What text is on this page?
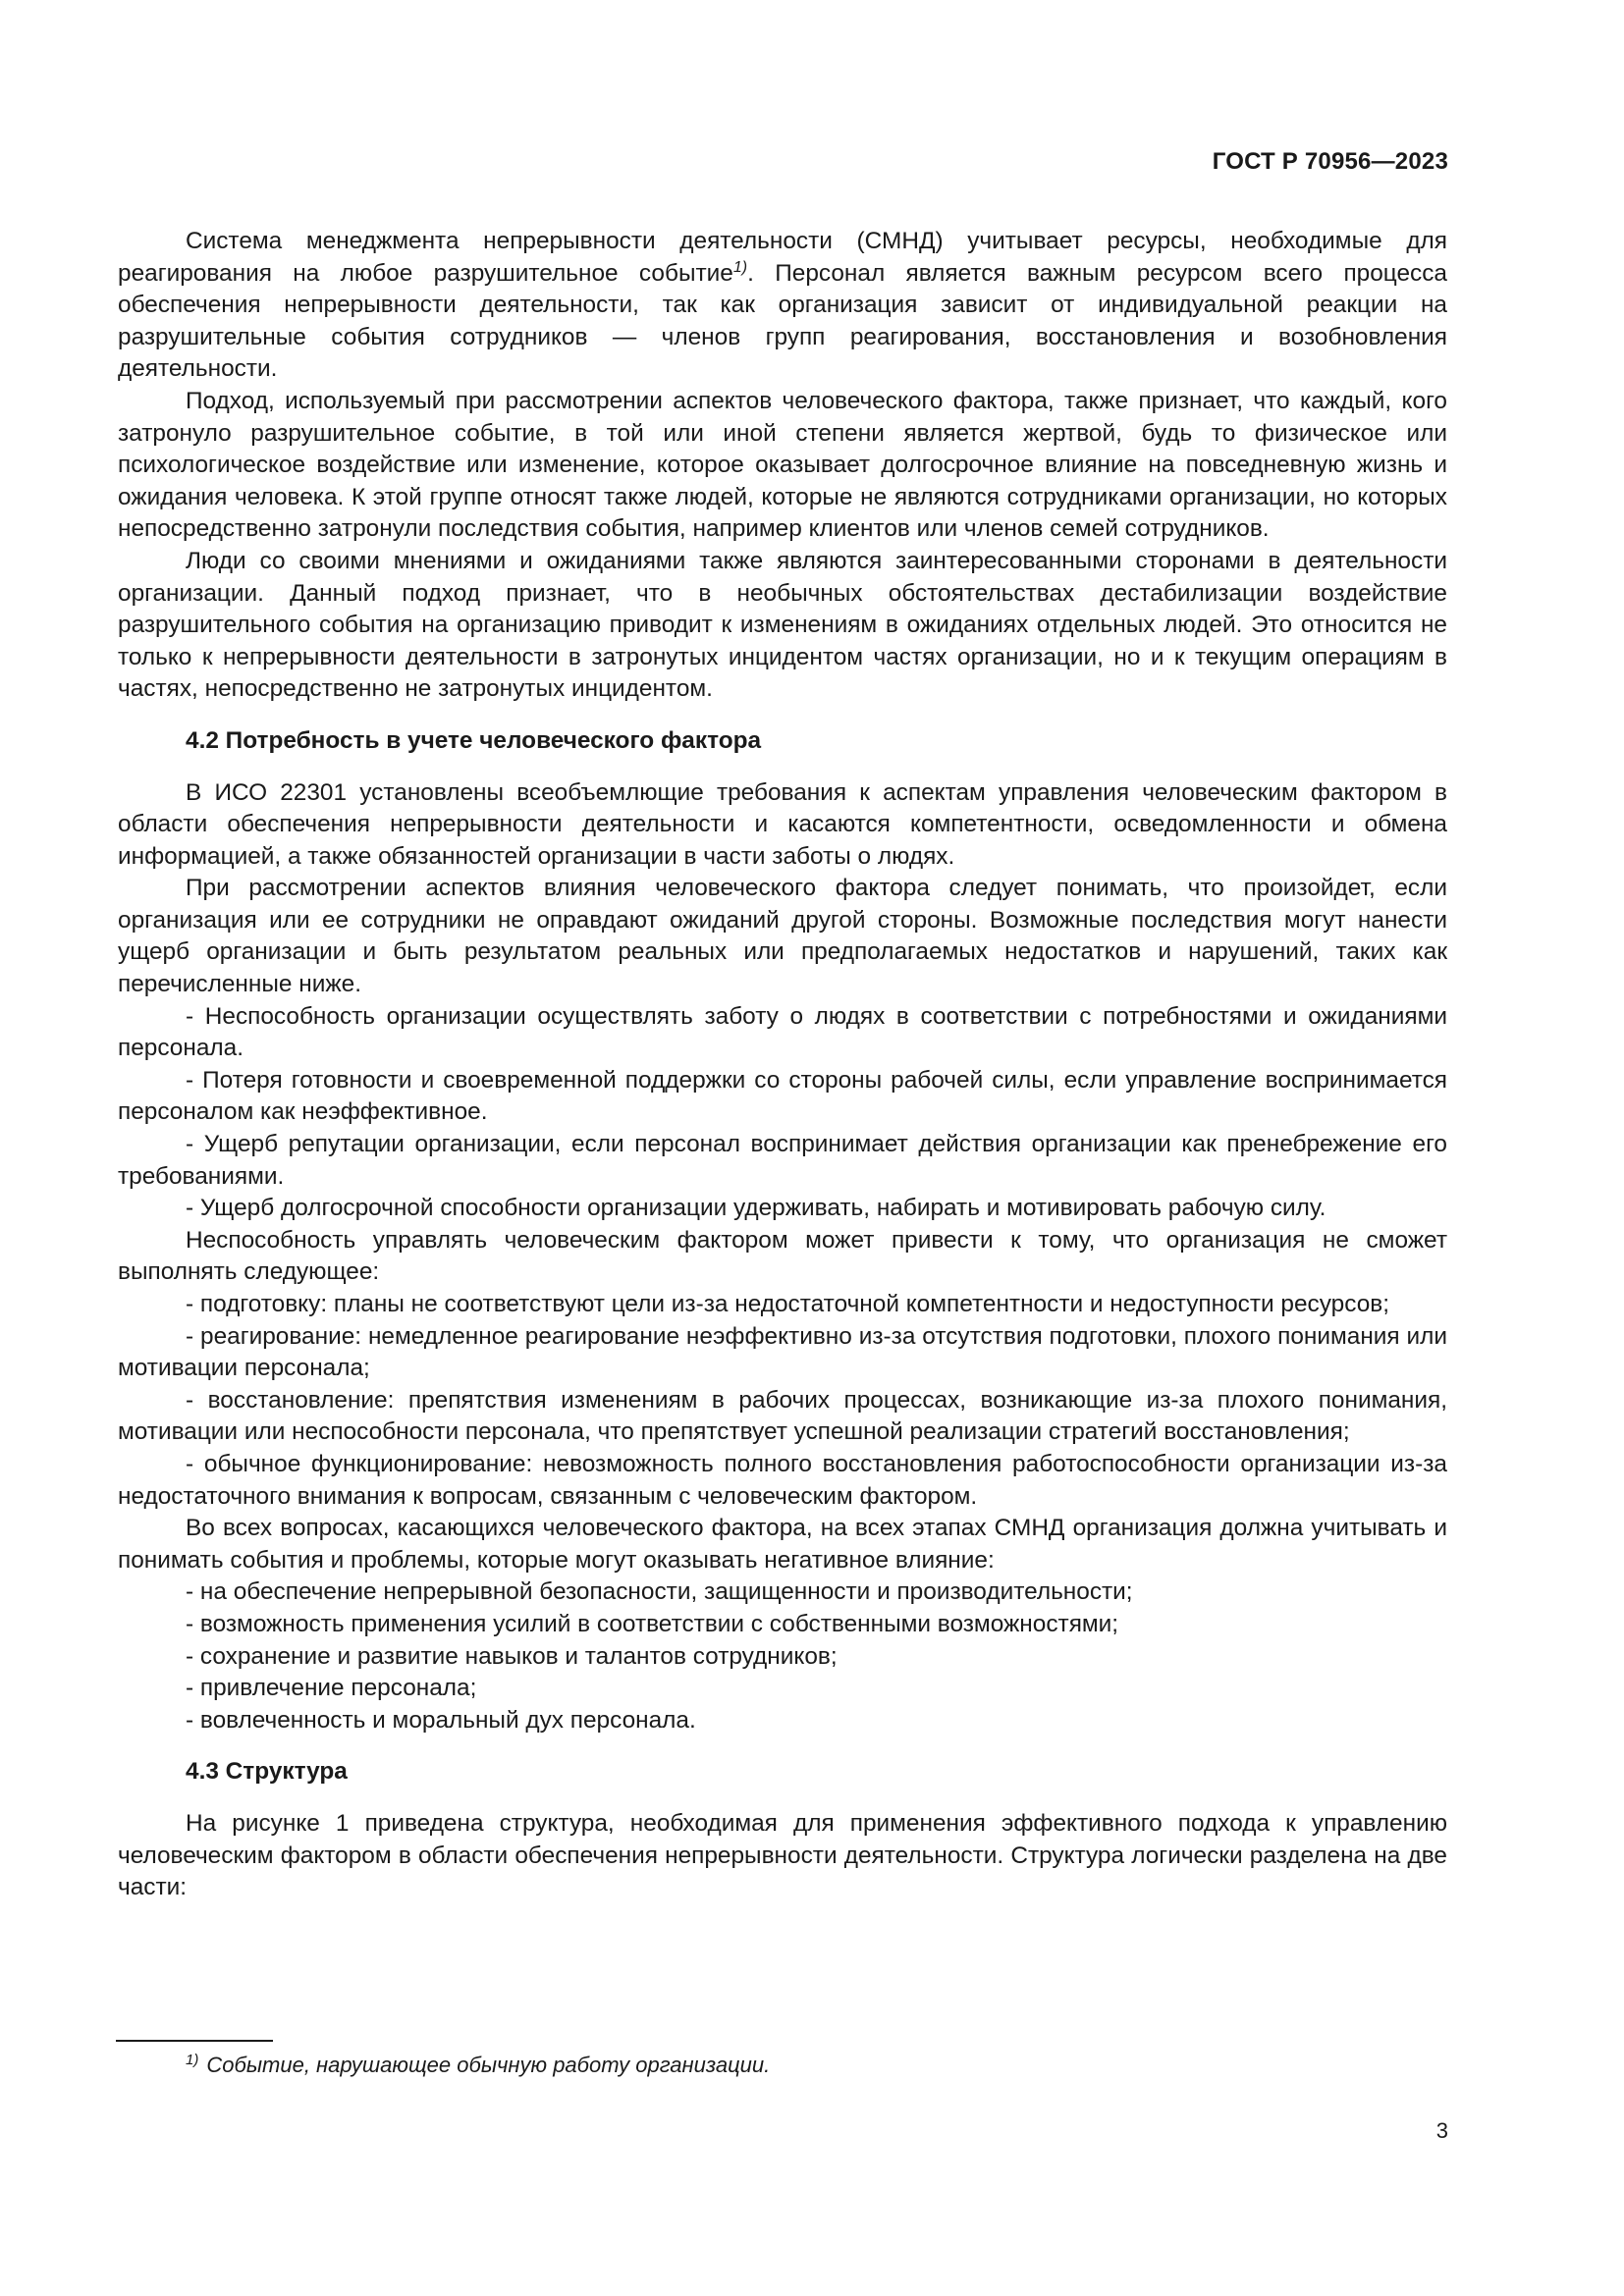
ГОСТ Р 70956—2023

Система менеджмента непрерывности деятельности (СМНД) учитывает ресурсы, необходимые для реагирования на любое разрушительное событие$^{1)}$. Персонал является важным ресурсом всего процесса обеспечения непрерывности деятельности, так как организация зависит от индивидуальной реакции на разрушительные события сотрудников — членов групп реагирования, восстановления и возобновления деятельности.

Подход, используемый при рассмотрении аспектов человеческого фактора, также признает, что каждый, кого затронуло разрушительное событие, в той или иной степени является жертвой, будь то физическое или психологическое воздействие или изменение, которое оказывает долгосрочное влияние на повседневную жизнь и ожидания человека. К этой группе относят также людей, которые не являются сотрудниками организации, но которых непосредственно затронули последствия события, например клиентов или членов семей сотрудников.

Люди со своими мнениями и ожиданиями также являются заинтересованными сторонами в деятельности организации. Данный подход признает, что в необычных обстоятельствах дестабилизации воздействие разрушительного события на организацию приводит к изменениям в ожиданиях отдельных людей. Это относится не только к непрерывности деятельности в затронутых инцидентом частях организации, но и к текущим операциям в частях, непосредственно не затронутых инцидентом.

4.2 Потребность в учете человеческого фактора

В ИСО 22301 установлены всеобъемлющие требования к аспектам управления человеческим фактором в области обеспечения непрерывности деятельности и касаются компетентности, осведомленности и обмена информацией, а также обязанностей организации в части заботы о людях.

При рассмотрении аспектов влияния человеческого фактора следует понимать, что произойдет, если организация или ее сотрудники не оправдают ожиданий другой стороны. Возможные последствия могут нанести ущерб организации и быть результатом реальных или предполагаемых недостатков и нарушений, таких как перечисленные ниже.

- Неспособность организации осуществлять заботу о людях в соответствии с потребностями и ожиданиями персонала.

- Потеря готовности и своевременной поддержки со стороны рабочей силы, если управление воспринимается персоналом как неэффективное.

- Ущерб репутации организации, если персонал воспринимает действия организации как пренебрежение его требованиями.

- Ущерб долгосрочной способности организации удерживать, набирать и мотивировать рабочую силу.

Неспособность управлять человеческим фактором может привести к тому, что организация не сможет выполнять следующее:

- подготовку: планы не соответствуют цели из-за недостаточной компетентности и недоступности ресурсов;

- реагирование: немедленное реагирование неэффективно из-за отсутствия подготовки, плохого понимания или мотивации персонала;

- восстановление: препятствия изменениям в рабочих процессах, возникающие из-за плохого понимания, мотивации или неспособности персонала, что препятствует успешной реализации стратегий восстановления;

- обычное функционирование: невозможность полного восстановления работоспособности организации из-за недостаточного внимания к вопросам, связанным с человеческим фактором.

Во всех вопросах, касающихся человеческого фактора, на всех этапах СМНД организация должна учитывать и понимать события и проблемы, которые могут оказывать негативное влияние:

- на обеспечение непрерывной безопасности, защищенности и производительности;

- возможность применения усилий в соответствии с собственными возможностями;

- сохранение и развитие навыков и талантов сотрудников;

- привлечение персонала;

- вовлеченность и моральный дух персонала.

4.3 Структура

На рисунке 1 приведена структура, необходимая для применения эффективного подхода к управлению человеческим фактором в области обеспечения непрерывности деятельности. Структура логически разделена на две части:

$^{1)}$ Событие, нарушающее обычную работу организации.
3
